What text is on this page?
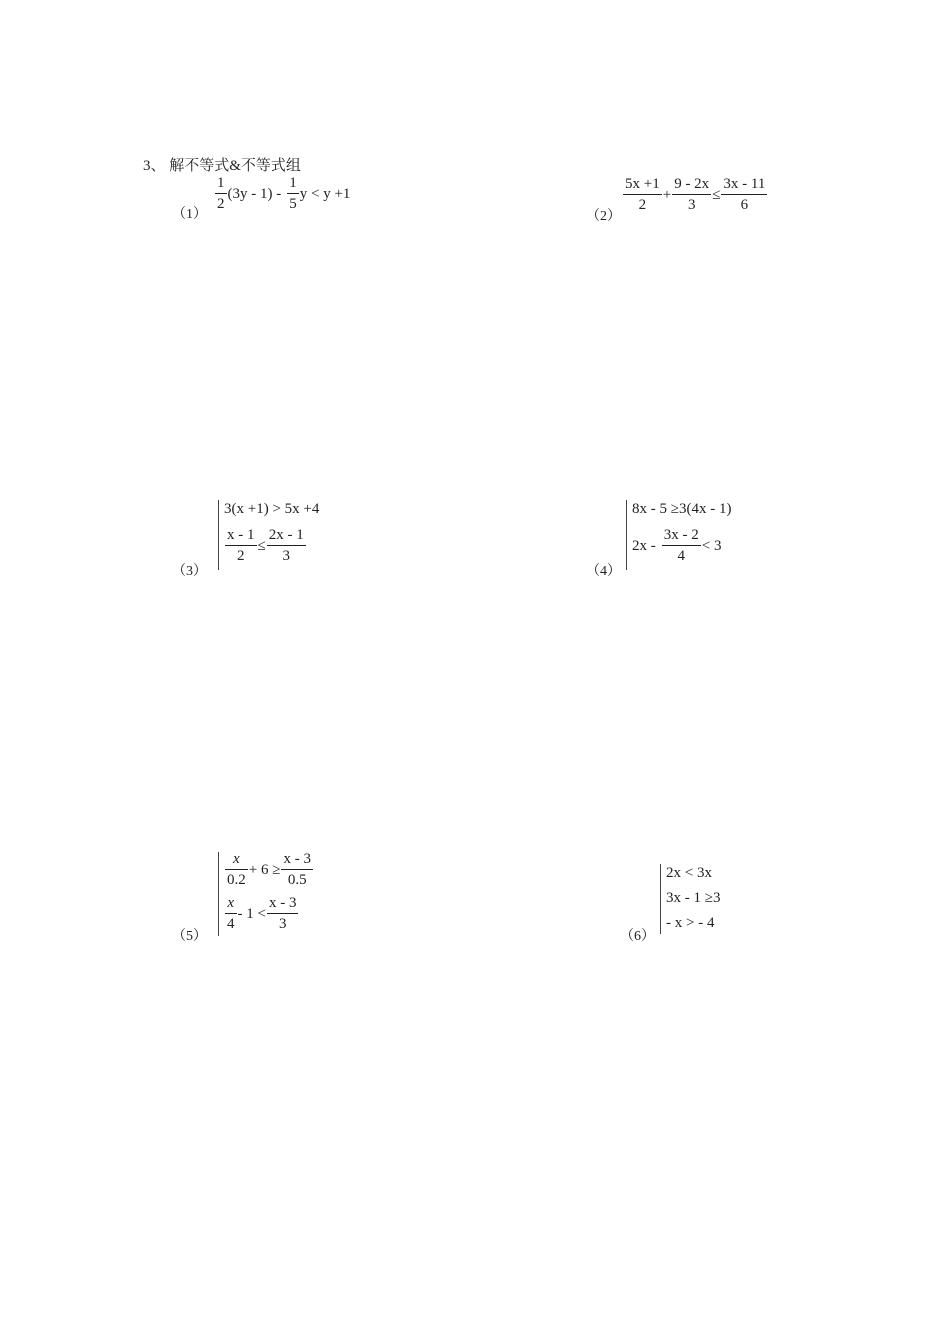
3、 解不等式&不等式组
（1）
$\frac{1}{2} (3y - 1) - \frac{1}{5}$ y < y +1
（2）
$\frac{5x +1}{2} + \frac{9 - 2x}{3} \le \frac{3x - 11}{6}$
（3）
3(x +1) > 5x +4
$\frac{x - 1}{2} \le \frac{2x - 1}{3}$
（4）
8x - 5 ≥3(4x - 1)
$2x - \frac{3x - 2}{4} < 3$
（5）
$\frac{x}{0.2} + 6 \ge \frac{x - 3}{0.5}$
$\frac{x}{4} - 1 < \frac{x - 3}{3}$
（6）
2x < 3x
3x - 1 ≥3
- x > - 4
